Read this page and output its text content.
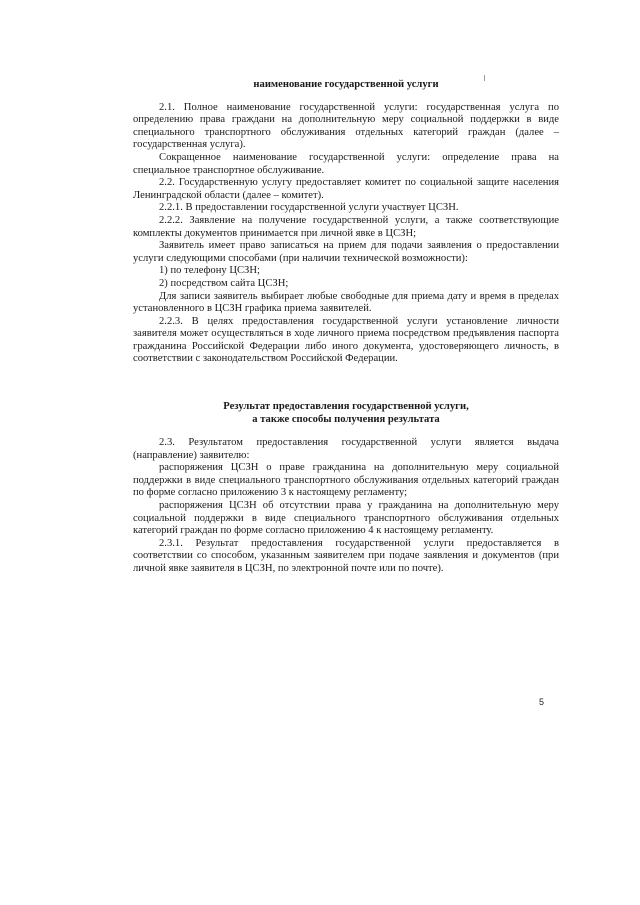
наименование государственной услуги

2.1. Полное наименование государственной услуги: государственная услуга по определению права граждани на дополнительную меру социальной поддержки в виде специального транспортного обслуживания отдельных категорий граждан (далее – государственная услуга).

Сокращенное наименование государственной услуги: определение права на специальное транспортное обслуживание.

2.2. Государственную услугу предоставляет комитет по социальной защите населения Ленинградской области (далее – комитет).

2.2.1. В предоставлении государственной услуги участвует ЦСЗН.

2.2.2. Заявление на получение государственной услуги, а также соответствующие комплекты документов принимается при личной явке в ЦСЗН;

Заявитель имеет право записаться на прием для подачи заявления о предоставлении услуги следующими способами (при наличии технической возможности):

1) по телефону ЦСЗН;

2) посредством сайта ЦСЗН;

Для записи заявитель выбирает любые свободные для приема дату и время в пределах установленного в ЦСЗН графика приема заявителей.

2.2.3. В целях предоставления государственной услуги установление личности заявителя может осуществляться в ходе личного приема посредством предъявления паспорта гражданина Российской Федерации либо иного документа, удостоверяющего личность, в соответствии с законодательством Российской Федерации.

Результат предоставления государственной услуги,
а также способы получения результата

2.3. Результатом предоставления государственной услуги является выдача (направление) заявителю:

распоряжения ЦСЗН о праве гражданина на дополнительную меру социальной поддержки в виде специального транспортного обслуживания отдельных категорий граждан по форме согласно приложению 3 к настоящему регламенту;

распоряжения ЦСЗН об отсутствии права у гражданина на дополнительную меру социальной поддержки в виде специального транспортного обслуживания отдельных категорий граждан по форме согласно приложению 4 к настоящему регламенту.

2.3.1. Результат предоставления государственной услуги предоставляется в соответствии со способом, указанным заявителем при подаче заявления и документов (при личной явке заявителя в ЦСЗН, по электронной почте или по почте).

5
